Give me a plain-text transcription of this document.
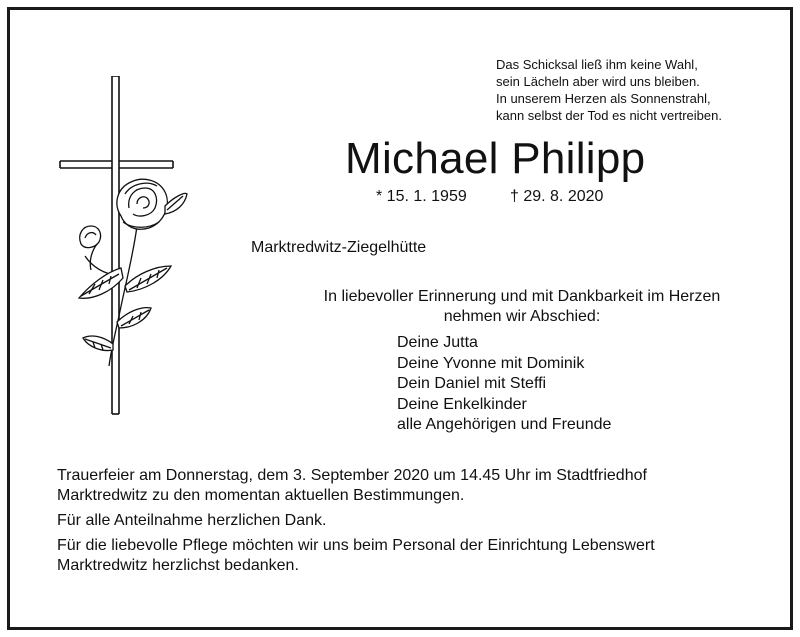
Das Schicksal ließ ihm keine Wahl,
sein Lächeln aber wird uns bleiben.
In unserem Herzen als Sonnenstrahl,
kann selbst der Tod es nicht vertreiben.
Michael Philipp
* 15. 1. 1959	† 29. 8. 2020
Marktredwitz-Ziegelhütte
In liebevoller Erinnerung und mit Dankbarkeit im Herzen
nehmen wir Abschied:
Deine Jutta
Deine Yvonne mit Dominik
Dein Daniel mit Steffi
Deine Enkelkinder
alle Angehörigen und Freunde

Trauerfeier am Donnerstag, dem 3. September 2020 um 14.45 Uhr im Stadtfriedhof
Marktredwitz zu den momentan aktuellen Bestimmungen.

Für alle Anteilnahme herzlichen Dank.

Für die liebevolle Pflege möchten wir uns beim Personal der Einrichtung Lebenswert
Marktredwitz herzlichst bedanken.
